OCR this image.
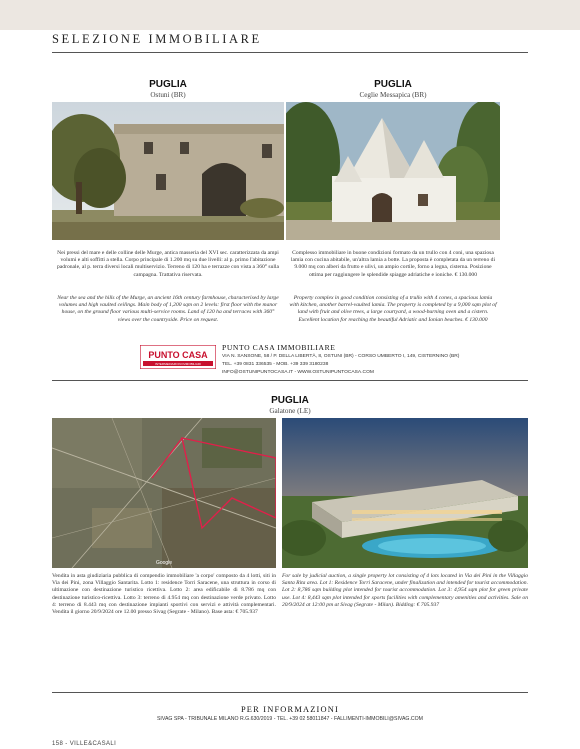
SELEZIONE IMMOBILIARE
PUGLIA
Ostuni (BR)
Nei pressi del mare e delle colline delle Murge, antica masseria del XVI sec. caratterizzata da ampi volumi e alti soffitti a stella. Corpo principale di 1.200 mq su due livelli: al p. primo l'abitazione padronale, al p. terra diversi locali multiservizio. Terreno di 120 ha e terrazze con vista a 360° sulla campagna. Trattativa riservata.
Near the sea and the hills of the Murge, an ancient 16th century farmhouse, characterised by large volumes and high vaulted ceilings. Main body of 1,200 sqm on 2 levels: first floor with the manor house, on the ground floor various multi-service rooms. Land of 120 ha and terraces with 360° views over the countryside. Price on request.
PUGLIA
Ceglie Messapica (BR)
Complesso immobiliare in buone condizioni formato da un trullo con 4 coni, una spaziosa lamia con cucina abitabile, un'altra lamia a botte. La proposta è completata da un terreno di 9.000 mq con alberi da frutto e ulivi, un ampio cortile, forno a legna, cisterna. Posizione ottima per raggiungere le splendide spiagge adriatiche e ioniche. € 130.000
Property complex in good condition consisting of a trullo with 4 cones, a spacious lamia with kitchen, another barrel-vaulted lamia. The property is completed by a 9,000 sqm plot of land with fruit and olive trees, a large courtyard, a wood-burning oven and a cistern. Excellent location for reaching the beautiful Adriatic and Ionian beaches. € 130.000
PUNTO CASA
INTERMEDIAZIONI IMMOBILIARI
PUNTO CASA IMMOBILIARE
VIA N. SANSONE, 58 / P. DELLA LIBERTÀ, 8, OSTUNI (BR) - CORSO UMBERTO I, 149, CISTERNINO (BR)
TEL. +39 0831 336535 - MOB. +39 339 3180238
INFO@OSTUNIPUNTOCASA.IT - WWW.OSTUNIPUNTOCASA.COM
PUGLIA
Galatone (LE)
Google
Vendita in asta giudiziaria pubblica di compendio immobiliare 'a corpo' composto da 4 lotti, siti in Via dei Pini, zona Villaggio Santarita. Lotto 1: residence Torri Saracene, una struttura in corso di ultimazione con destinazione turistico ricettiva. Lotto 2: area edificabile di 8.786 mq con destinazione turistico-ricettiva. Lotto 3: terreno di 4.954 mq con destinazione verde privato. Lotto 4: terreno di 8.443 mq con destinazione impianti sportivi con servizi e attività complementari. Vendita il giorno 20/9/2024 ore 12.00 presso Sivag (Segrate - Milano). Base asta: € 705.937
For sale by judicial auction, a single property lot consisting of 4 lots located in Via dei Pini in the Villaggio Santa Rita area. Lot 1: Residence Torri Saracene, under finalization and intended for tourist accommodation. Lot 2: 8,786 sqm building plot intended for tourist accommodation. Lot 3: 4,954 sqm plot for green private use. Lot 4: 8,443 sqm plot intended for sports facilities with complementary amenities and activities. Sale on 20/9/2024 at 12:00 pm at Sivag (Segrate - Milan). Bidding: € 705.937
PER INFORMAZIONI
SIVAG SPA - TRIBUNALE MILANO R.G.630/2019 - TEL. +39 02 58011847 - FALLIMENTI-IMMOBILI@SIVAG.COM
158 - VILLE&CASALI
